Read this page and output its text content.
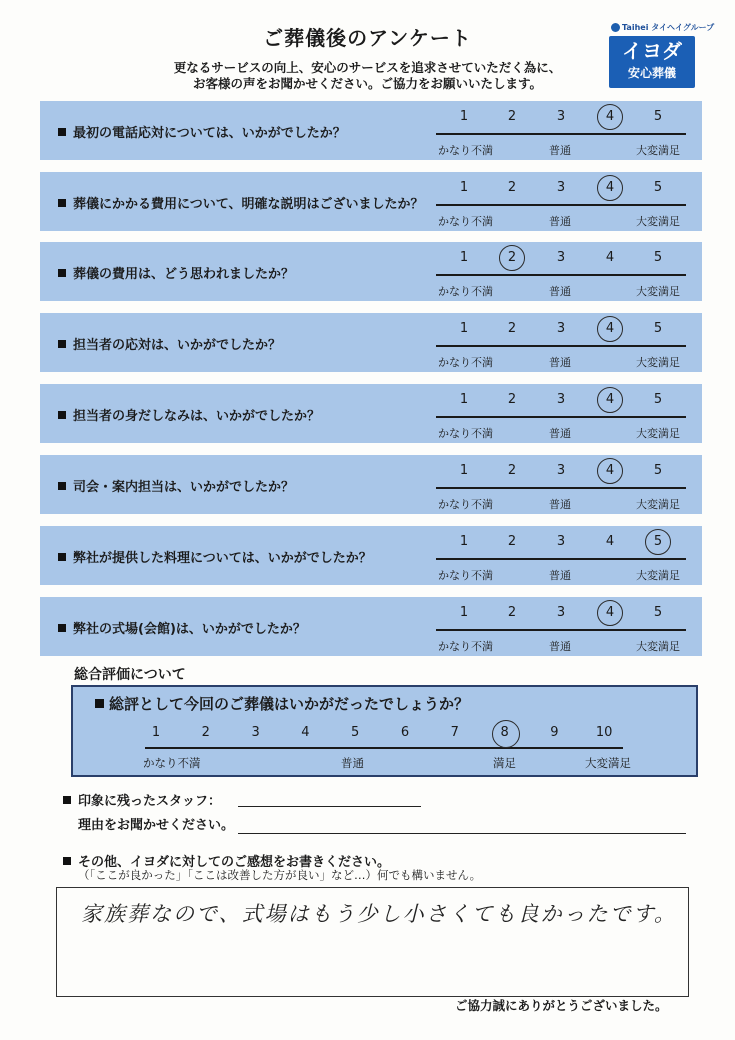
ご葬儀後のアンケート
更なるサービスの向上、安心のサービスを追求させていただく為に、
お客様の声をお聞かせください。ご協力をお願いいたします。
Taihei タイヘイグループ
イヨダ
安心葬儀
最初の電話応対については、いかがでしたか？
1	2	3	4	5
かなり不満	普通	大変満足
葬儀にかかる費用について、明確な説明はございましたか？
1	2	3	4	5
かなり不満	普通	大変満足
葬儀の費用は、どう思われましたか？
1	2	3	4	5
かなり不満	普通	大変満足
担当者の応対は、いかがでしたか？
1	2	3	4	5
かなり不満	普通	大変満足
担当者の身だしなみは、いかがでしたか？
1	2	3	4	5
かなり不満	普通	大変満足
司会・案内担当は、いかがでしたか？
1	2	3	4	5
かなり不満	普通	大変満足
弊社が提供した料理については、いかがでしたか？
1	2	3	4	5
かなり不満	普通	大変満足
弊社の式場(会館)は、いかがでしたか？
1	2	3	4	5
かなり不満	普通	大変満足
総合評価について
総評として今回のご葬儀はいかがだったでしょうか？
1	2	3	4	5	6	7	8	9	10
かなり不満	普通	満足	大変満足
印象に残ったスタッフ：
理由をお聞かせください。
その他、イヨダに対してのご感想をお書きください。
（「ここが良かった」「ここは改善した方が良い」など…）何でも構いません。
家族葬なので、式場はもう少し小さくても良かったです。
ご協力誠にありがとうございました。
